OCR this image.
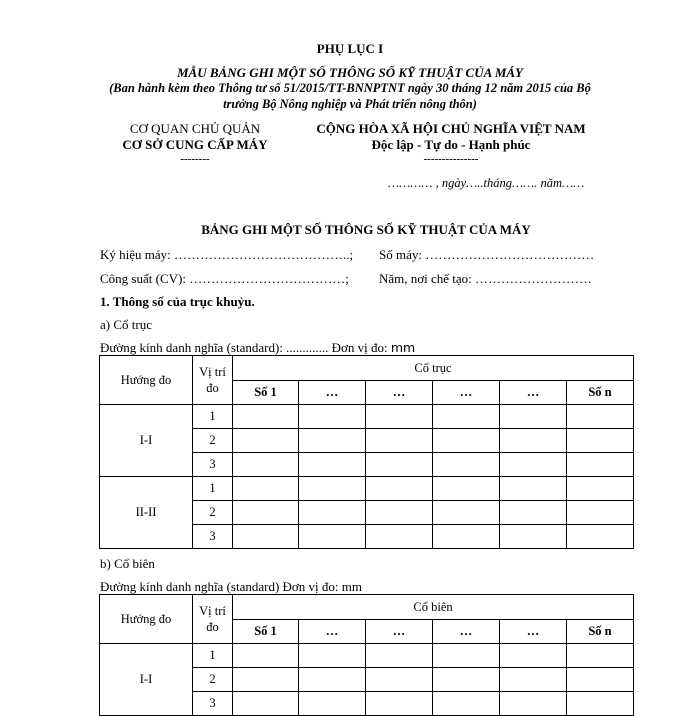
PHỤ LỤC I
MẪU BẢNG GHI MỘT SỐ THÔNG SỐ KỸ THUẬT CỦA MÁY
(Ban hành kèm theo Thông tư số 51/2015/TT-BNNPTNT ngày 30 tháng 12 năm 2015 của Bộ
trưởng Bộ Nông nghiệp và Phát triển nông thôn)
CƠ QUAN CHỦ QUẢN
CƠ SỞ CUNG CẤP MÁY
--------
CỘNG HÒA XÃ HỘI CHỦ NGHĨA VIỆT NAM
Độc lập - Tự do - Hạnh phúc
---------------
………… , ngày…..tháng……. năm……
BẢNG GHI MỘT SỐ THÔNG SỐ KỸ THUẬT CỦA MÁY
Ký hiệu máy: …………………………………..; Số máy: …………………………………
Công suất (CV): ………………………………; Năm, nơi chế tạo: ………………………
1. Thông số của trục khuỷu.
a) Cổ trục
Đường kính danh nghĩa (standard): ............. Đơn vị đo: mm
Hướng đo	Vị trí đo	Cổ trục					
		Số 1	…	…	…	…	Số n
I-I	1						
	2						
	3						
II-II	1						
	2						
	3						
b) Cổ biên
Đường kính danh nghĩa (standard) Đơn vị đo: mm
Hướng đo	Vị trí đo	Cổ biên					
		Số 1	…	…	…	…	Số n
I-I	1						
	2						
	3						
